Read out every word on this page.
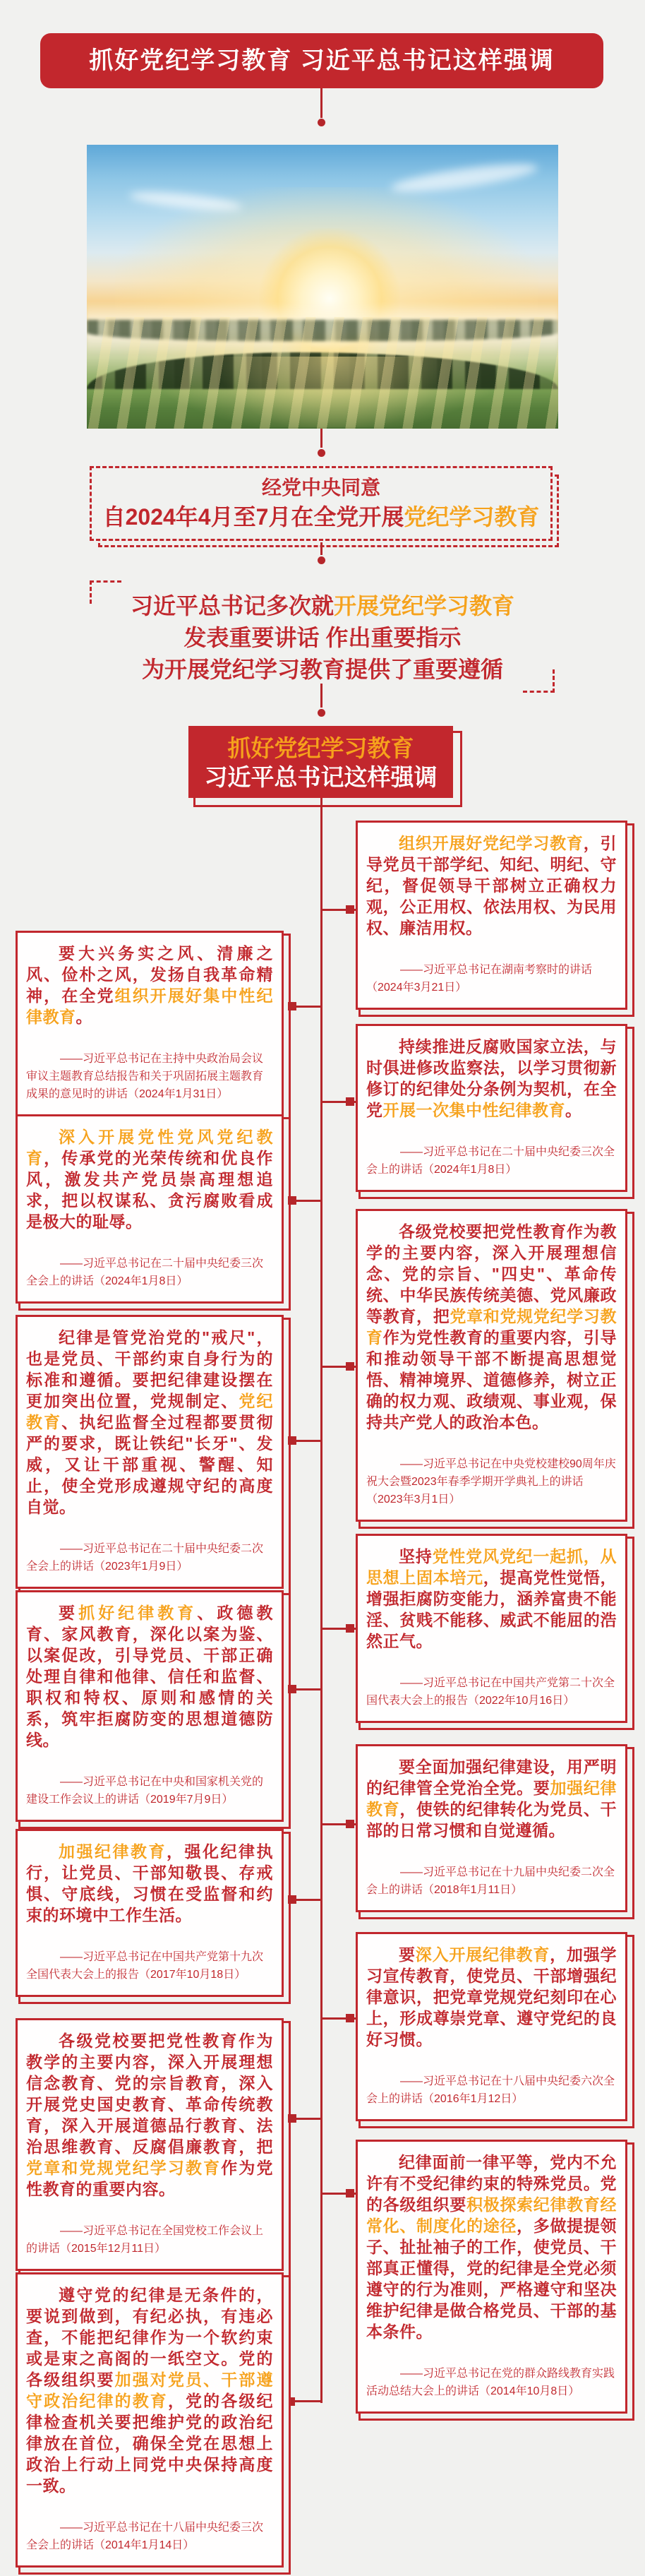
抓好党纪学习教育 习近平总书记这样强调

经党中央同意

自2024年4月至7月在全党开展党纪学习教育

习近平总书记多次就开展党纪学习教育

发表重要讲话 作出重要指示

为开展党纪学习教育提供了重要遵循

抓好党纪学习教育

习近平总书记这样强调

组织开展好党纪学习教育，引导党员干部学纪、知纪、明纪、守纪，督促领导干部树立正确权力观，公正用权、依法用权、为民用权、廉洁用权。

——习近平总书记在湖南考察时的讲话（2024年3月21日）

要大兴务实之风、清廉之风、俭朴之风，发扬自我革命精神，在全党组织开展好集中性纪律教育。

——习近平总书记在主持中央政治局会议审议主题教育总结报告和关于巩固拓展主题教育成果的意见时的讲话（2024年1月31日）

持续推进反腐败国家立法，与时俱进修改监察法，以学习贯彻新修订的纪律处分条例为契机，在全党开展一次集中性纪律教育。

——习近平总书记在二十届中央纪委三次全会上的讲话（2024年1月8日）

深入开展党性党风党纪教育，传承党的光荣传统和优良作风，激发共产党员崇高理想追求，把以权谋私、贪污腐败看成是极大的耻辱。

——习近平总书记在二十届中央纪委三次全会上的讲话（2024年1月8日）

各级党校要把党性教育作为教学的主要内容，深入开展理想信念、党的宗旨、"四史"、革命传统、中华民族传统美德、党风廉政等教育，把党章和党规党纪学习教育作为党性教育的重要内容，引导和推动领导干部不断提高思想觉悟、精神境界、道德修养，树立正确的权力观、政绩观、事业观，保持共产党人的政治本色。

——习近平总书记在中央党校建校90周年庆祝大会暨2023年春季学期开学典礼上的讲话（2023年3月1日）

纪律是管党治党的"戒尺"，也是党员、干部约束自身行为的标准和遵循。要把纪律建设摆在更加突出位置，党规制定、党纪教育、执纪监督全过程都要贯彻严的要求，既让铁纪"长牙"、发威，又让干部重视、警醒、知止，使全党形成遵规守纪的高度自觉。

——习近平总书记在二十届中央纪委二次全会上的讲话（2023年1月9日）

坚持党性党风党纪一起抓，从思想上固本培元，提高党性觉悟，增强拒腐防变能力，涵养富贵不能淫、贫贱不能移、威武不能屈的浩然正气。

——习近平总书记在中国共产党第二十次全国代表大会上的报告（2022年10月16日）

要抓好纪律教育、政德教育、家风教育，深化以案为鉴、以案促改，引导党员、干部正确处理自律和他律、信任和监督、职权和特权、原则和感情的关系，筑牢拒腐防变的思想道德防线。

——习近平总书记在中央和国家机关党的建设工作会议上的讲话（2019年7月9日）

要全面加强纪律建设，用严明的纪律管全党治全党。要加强纪律教育，使铁的纪律转化为党员、干部的日常习惯和自觉遵循。

——习近平总书记在十九届中央纪委二次全会上的讲话（2018年1月11日）

加强纪律教育，强化纪律执行，让党员、干部知敬畏、存戒惧、守底线，习惯在受监督和约束的环境中工作生活。

——习近平总书记在中国共产党第十九次全国代表大会上的报告（2017年10月18日）

要深入开展纪律教育，加强学习宣传教育，使党员、干部增强纪律意识，把党章党规党纪刻印在心上，形成尊崇党章、遵守党纪的良好习惯。

——习近平总书记在十八届中央纪委六次全会上的讲话（2016年1月12日）

各级党校要把党性教育作为教学的主要内容，深入开展理想信念教育、党的宗旨教育，深入开展党史国史教育、革命传统教育，深入开展道德品行教育、法治思维教育、反腐倡廉教育，把党章和党规党纪学习教育作为党性教育的重要内容。

——习近平总书记在全国党校工作会议上的讲话（2015年12月11日）

纪律面前一律平等，党内不允许有不受纪律约束的特殊党员。党的各级组织要积极探索纪律教育经常化、制度化的途径，多做提提领子、扯扯袖子的工作，使党员、干部真正懂得，党的纪律是全党必须遵守的行为准则，严格遵守和坚决维护纪律是做合格党员、干部的基本条件。

——习近平总书记在党的群众路线教育实践活动总结大会上的讲话（2014年10月8日）

遵守党的纪律是无条件的，要说到做到，有纪必执，有违必查，不能把纪律作为一个软约束或是束之高阁的一纸空文。党的各级组织要加强对党员、干部遵守政治纪律的教育，党的各级纪律检查机关要把维护党的政治纪律放在首位，确保全党在思想上政治上行动上同党中央保持高度一致。

——习近平总书记在十八届中央纪委三次全会上的讲话（2014年1月14日）
